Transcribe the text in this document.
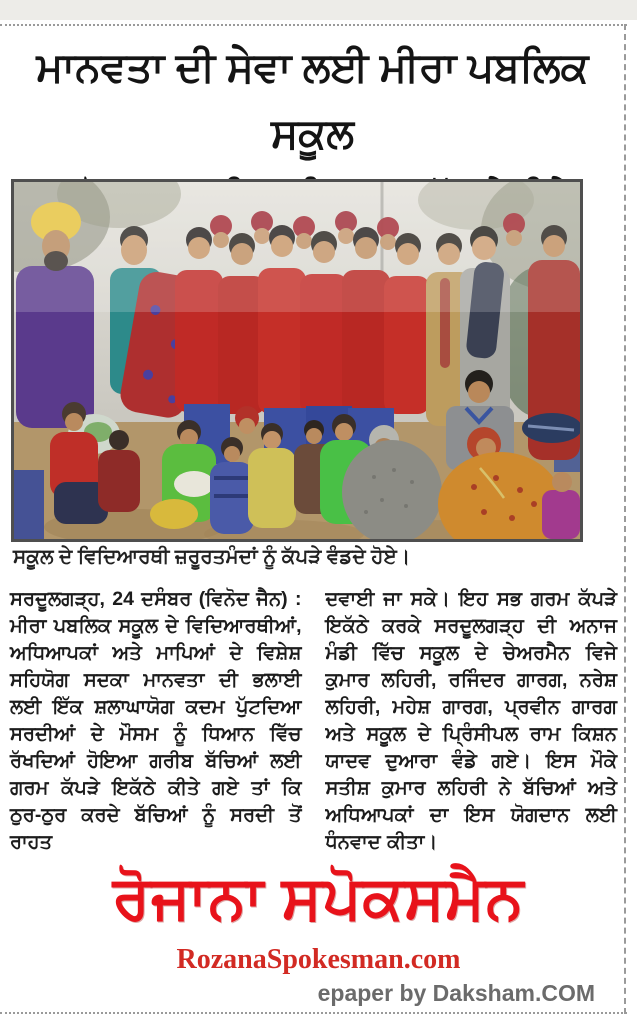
ਮਾਨਵਤਾ ਦੀ ਸੇਵਾ ਲਈ ਮੀਰਾ ਪਬਲਿਕ ਸਕੂਲ

ਸਕੂਲ ਦੇ ਵਿਦਿਆਰਥੀ ਜ਼ਰੂਰਤਮੰਦਾਂ ਨੂੰ ਕੱਪੜੇ ਵੰਡਦੇ ਹੋਏ।

ਸਰਦੂਲਗੜ੍ਹ, 24 ਦਸੰਬਰ (ਵਿਨੋਦ ਜੈਨ) : ਮੀਰਾ ਪਬਲਿਕ ਸਕੂਲ ਦੇ ਵਿਦਿਆਰਥੀਆਂ, ਅਧਿਆਪਕਾਂ ਅਤੇ ਮਾਪਿਆਂ ਦੇ ਵਿਸ਼ੇਸ਼ ਸਹਿਯੋਗ ਸਦਕਾ ਮਾਨਵਤਾ ਦੀ ਭਲਾਈ ਲਈ ਇੱਕ ਸ਼ਲਾਘਾਯੋਗ ਕਦਮ ਪੁੱਟਦਿਆ ਸਰਦੀਆਂ ਦੇ ਮੌਸਮ ਨੂੰ ਧਿਆਨ ਵਿੱਚ ਰੱਖਦਿਆਂ ਹੋਇਆ ਗਰੀਬ ਬੱਚਿਆਂ ਲਈ ਗਰਮ ਕੱਪੜੇ ਇਕੱਠੇ ਕੀਤੇ ਗਏ ਤਾਂ ਕਿ ਠੁਰ-ਠੁਰ ਕਰਦੇ ਬੱਚਿਆਂ ਨੂੰ ਸਰਦੀ ਤੋਂ ਰਾਹਤ

ਦਵਾਈ ਜਾ ਸਕੇ। ਇਹ ਸਭ ਗਰਮ ਕੱਪੜੇ ਇਕੱਠੇ ਕਰਕੇ ਸਰਦੂਲਗੜ੍ਹ ਦੀ ਅਨਾਜ ਮੰਡੀ ਵਿੱਚ ਸਕੂਲ ਦੇ ਚੇਅਰਮੈਨ ਵਿਜੇ ਕੁਮਾਰ ਲਹਿਰੀ, ਰਜਿੰਦਰ ਗਾਰਗ, ਨਰੇਸ਼ ਲਹਿਰੀ, ਮਹੇਸ਼ ਗਾਰਗ, ਪ੍ਰਵੀਨ ਗਾਰਗ ਅਤੇ ਸਕੂਲ ਦੇ ਪ੍ਰਿੰਸੀਪਲ ਰਾਮ ਕਿਸ਼ਨ ਯਾਦਵ ਦੁਆਰਾ ਵੰਡੇ ਗਏ। ਇਸ ਮੌਕੇ ਸਤੀਸ਼ ਕੁਮਾਰ ਲਹਿਰੀ ਨੇ ਬੱਚਿਆਂ ਅਤੇ ਅਧਿਆਪਕਾਂ ਦਾ ਇਸ ਯੋਗਦਾਨ ਲਈ ਧੰਨਵਾਦ ਕੀਤਾ।

ਰੋਜਾਨਾ ਸਪੋਕਸਮੈਨ
RozanaSpokesman.com
epaper by Daksham.COM
